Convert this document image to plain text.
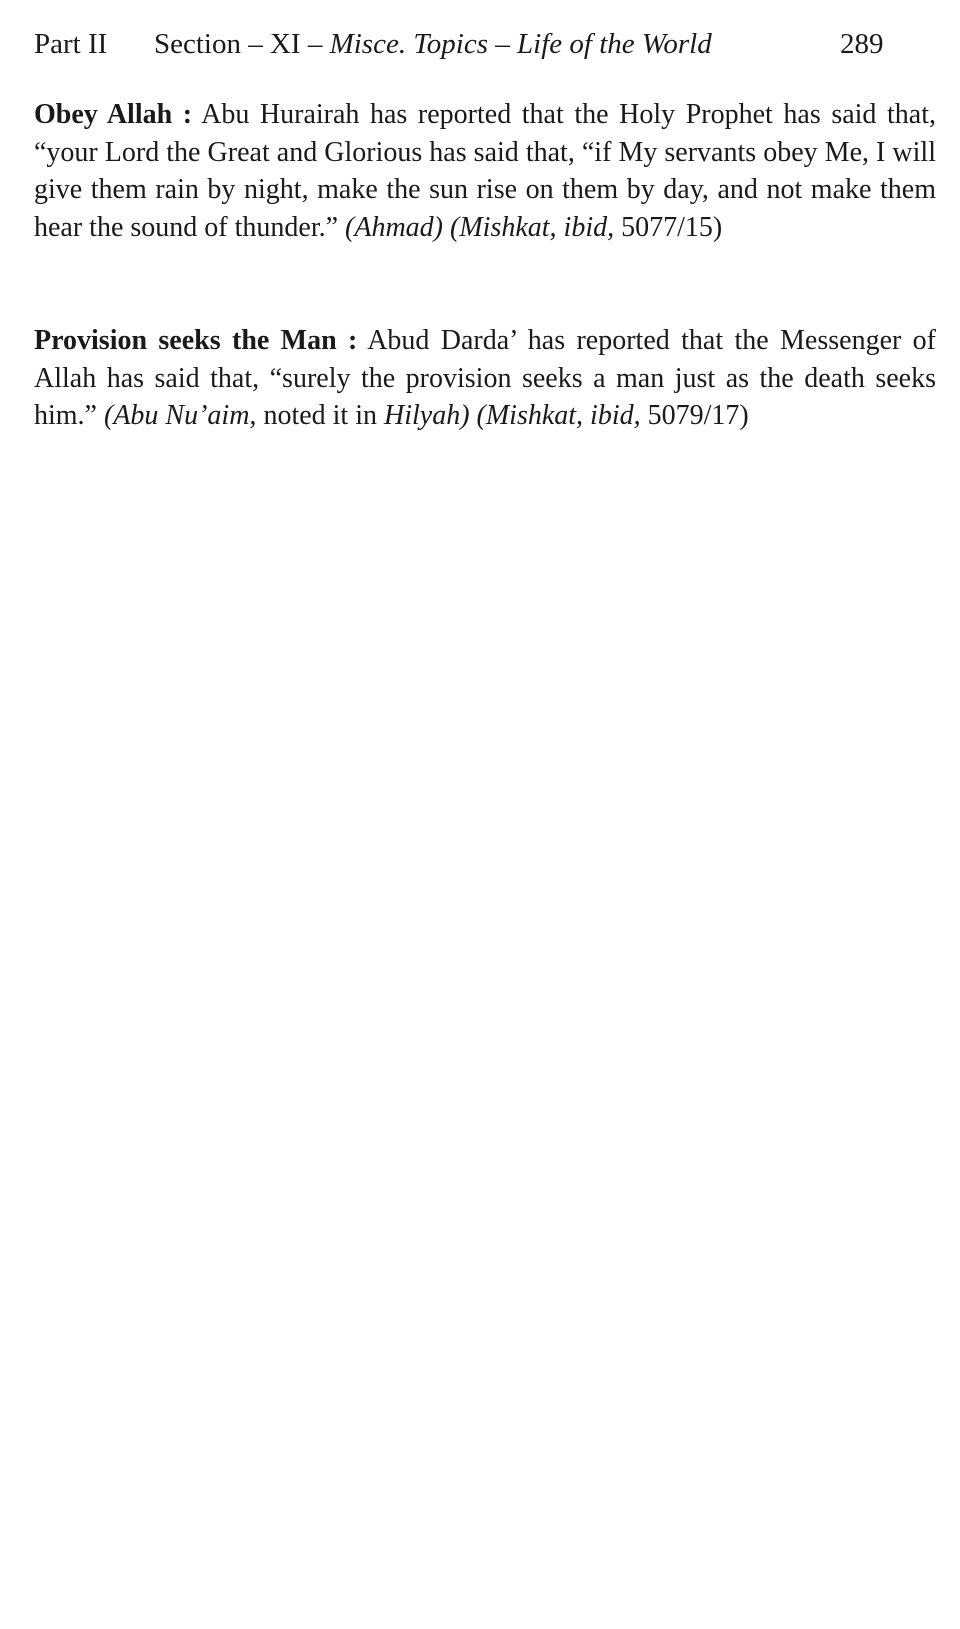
Part II Section – XI – Misce. Topics – Life of the World	289

Obey Allah : Abu Hurairah has reported that the Holy Prophet has said that, “your Lord the Great and Glorious has said that, “if My servants obey Me, I will give them rain by night, make the sun rise on them by day, and not make them hear the sound of thunder.” (Ahmad) (Mishkat, ibid, 5077/15)

Provision seeks the Man : Abud Darda’ has reported that the Messenger of Allah has said that, “surely the provision seeks a man just as the death seeks him.” (Abu Nu’aim, noted it in Hilyah) (Mishkat, ibid, 5079/17)
